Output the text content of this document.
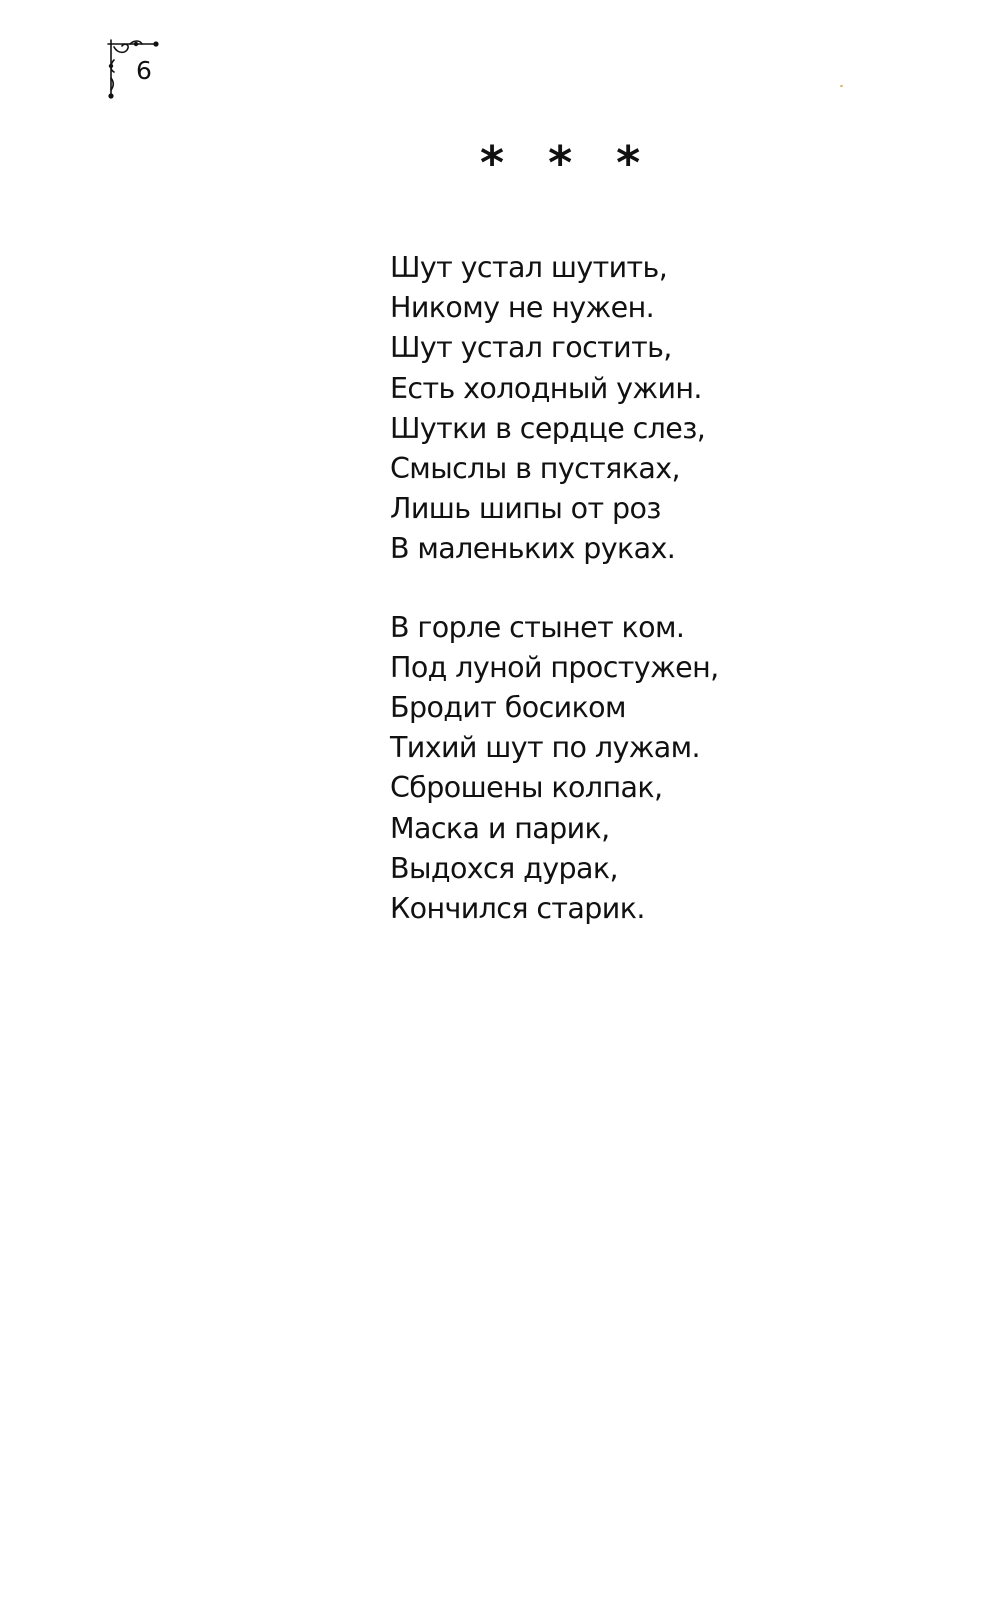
6
* * *
Шут устал шутить,
Никому не нужен.
Шут устал гостить,
Есть холодный ужин.
Шутки в сердце слез,
Смыслы в пустяках,
Лишь шипы от роз
В маленьких руках.
В горле стынет ком.
Под луной простужен,
Бродит босиком
Тихий шут по лужам.
Сброшены колпак,
Маска и парик,
Выдохся дурак,
Кончился старик.
